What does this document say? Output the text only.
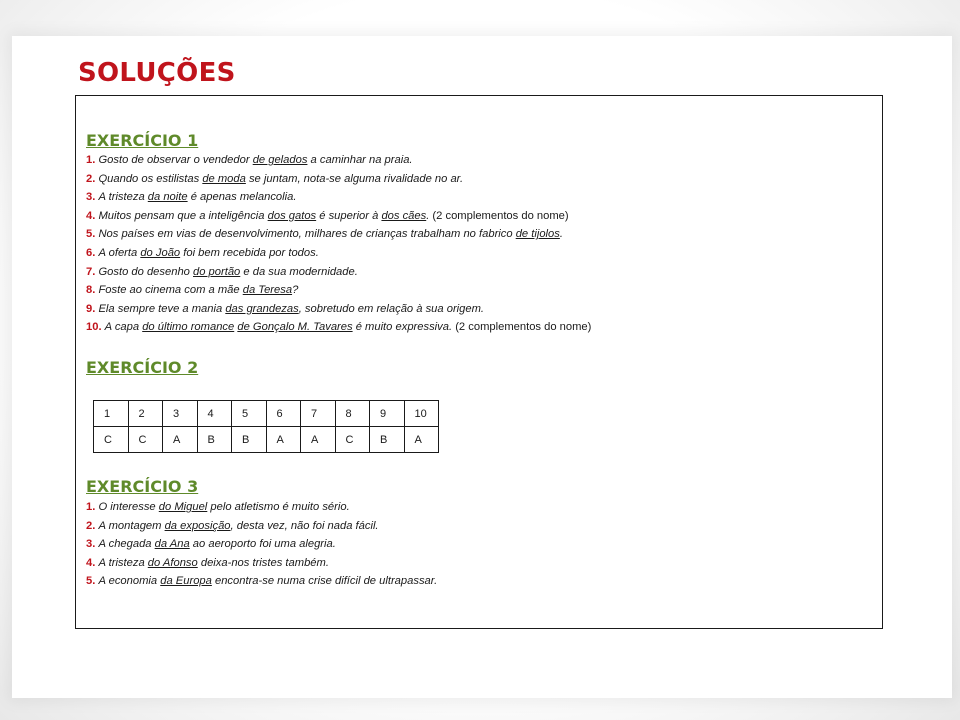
SOLUÇÕES
EXERCÍCIO 1
1. Gosto de observar o vendedor de gelados a caminhar na praia.
2. Quando os estilistas de moda se juntam, nota-se alguma rivalidade no ar.
3. A tristeza da noite é apenas melancolia.
4. Muitos pensam que a inteligência dos gatos é superior à dos cães. (2 complementos do nome)
5. Nos países em vias de desenvolvimento, milhares de crianças trabalham no fabrico de tijolos.
6. A oferta do João foi bem recebida por todos.
7. Gosto do desenho do portão e da sua modernidade.
8. Foste ao cinema com a mãe da Teresa?
9. Ela sempre teve a mania das grandezas, sobretudo em relação à sua origem.
10. A capa do último romance de Gonçalo M. Tavares é muito expressiva. (2 complementos do nome)
EXERCÍCIO 2
1	2	3	4	5	6	7	8	9	10
C	C	A	B	B	A	A	C	B	A
EXERCÍCIO 3
1. O interesse do Miguel pelo atletismo é muito sério.
2. A montagem da exposição, desta vez, não foi nada fácil.
3. A chegada da Ana ao aeroporto foi uma alegria.
4. A tristeza do Afonso deixa-nos tristes também.
5. A economia da Europa encontra-se numa crise difícil de ultrapassar.
